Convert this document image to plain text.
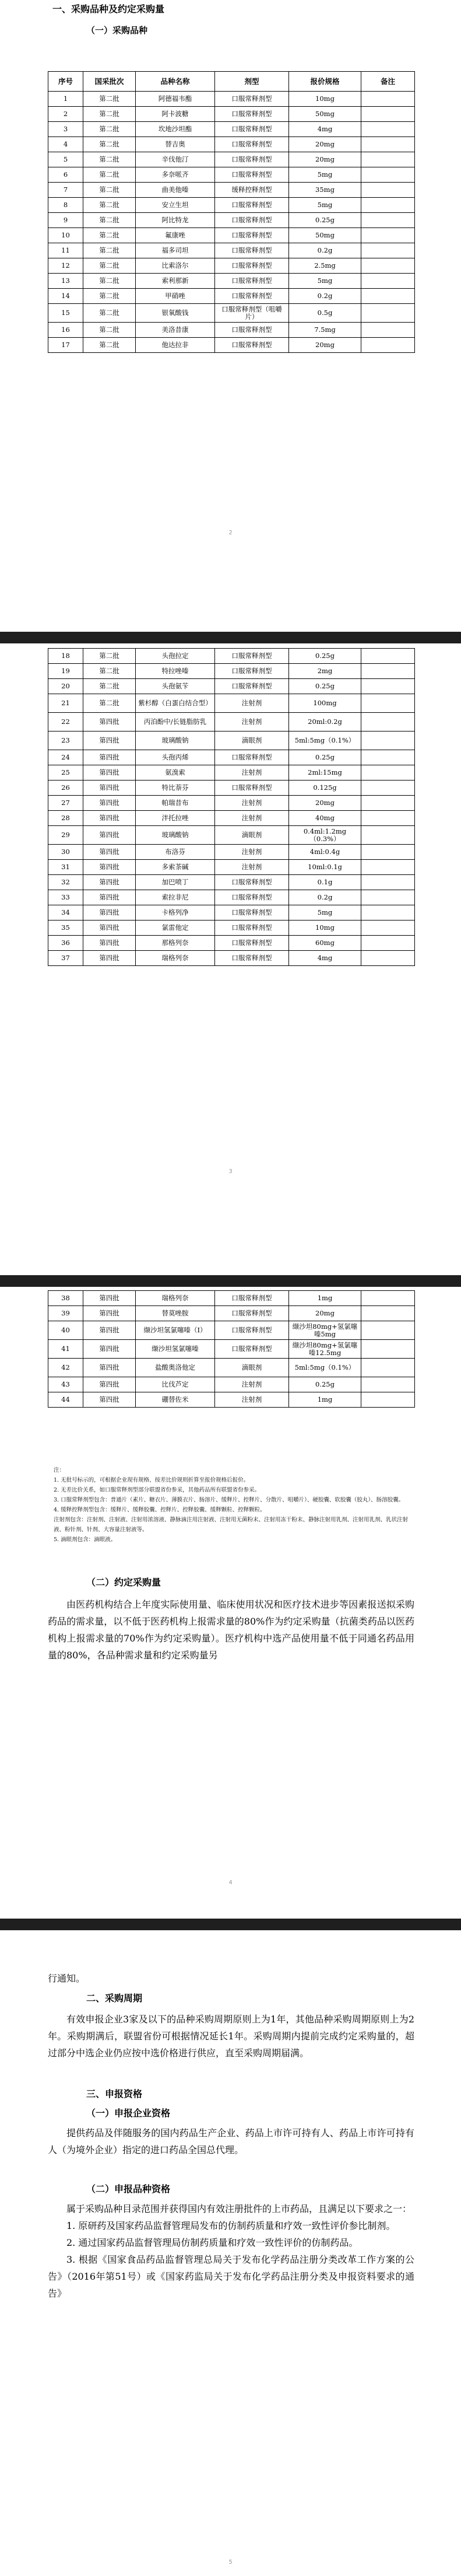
一、采购品种及约定采购量
（一）采购品种
序号	国采批次	品种名称	剂型	报价规格	备注
1	第二批	阿德福韦酯	口服常释剂型	10mg	
2	第二批	阿卡波糖	口服常释剂型	50mg	
3	第二批	坎地沙坦酯	口服常释剂型	4mg	
4	第二批	替吉奥	口服常释剂型	20mg	
5	第二批	辛伐他汀	口服常释剂型	20mg	
6	第二批	多奈哌齐	口服常释剂型	5mg	
7	第二批	曲美他嗪	缓释控释剂型	35mg	
8	第二批	安立生坦	口服常释剂型	5mg	
9	第二批	阿比特龙	口服常释剂型	0.25g	
10	第二批	氟康唑	口服常释剂型	50mg	
11	第二批	福多司坦	口服常释剂型	0.2g	
12	第二批	比索洛尔	口服常释剂型	2.5mg	
13	第二批	索利那新	口服常释剂型	5mg	
14	第二批	甲硝唑	口服常释剂型	0.2g	
15	第二批	银氧酸钱	口服常释剂型（咀嚼片）	0.5g	
16	第二批	美洛昔康	口服常释剂型	7.5mg	
17	第二批	他达拉非	口服常释剂型	20mg	
2
18	第二批	头孢拉定	口服常释剂型	0.25g	
19	第二批	特拉唑嗪	口服常释剂型	2mg	
20	第二批	头孢氨苄	口服常释剂型	0.25g	
21	第二批	紫杉醇（白蛋白结合型）	注射剂	100mg	
22	第四批	丙泊酚中/长链脂肪乳	注射剂	20ml:0.2g	
23	第四批	玻璃酸钠	滴眼剂	5ml:5mg（0.1%）	
24	第四批	头孢丙烯	口服常释剂型	0.25g	
25	第四批	氨溴索	注射剂	2ml:15mg	
26	第四批	特比萘芬	口服常释剂型	0.125g	
27	第四批	帕瑞昔布	注射剂	20mg	
28	第四批	泮托拉唑	注射剂	40mg	
29	第四批	玻璃酸钠	滴眼剂	0.4ml:1.2mg（0.3%）	
30	第四批	布洛芬	注射剂	4ml:0.4g	
31	第四批	多索茶碱	注射剂	10ml:0.1g	
32	第四批	加巴喷丁	口服常释剂型	0.1g	
33	第四批	索拉非尼	口服常释剂型	0.2g	
34	第四批	卡格列净	口服常释剂型	5mg	
35	第四批	氯雷他定	口服常释剂型	10mg	
36	第四批	那格列奈	口服常释剂型	60mg	
37	第四批	瑞格列奈	口服常释剂型	4mg	
3
38	第四批	瑞格列奈	口服常释剂型	1mg	
39	第四批	替莫唑胺	口服常释剂型	20mg	
40	第四批	缬沙坦氢氯噻嗪（I）	口服常释剂型	缬沙坦80mg+氢氯噻嗪5mg	
41	第四批	缬沙坦氢氯噻嗪	口服常释剂型	缬沙坦80mg+氢氯噻嗪12.5mg	
42	第四批	盐酸奥洛他定	滴眼剂	5ml:5mg（0.1%）	
43	第四批	比伐芦定	注射剂	0.25g	
44	第四批	硼替佐米	注射剂	1mg	
注：
1. 无批号标示的，可根据企业现有规格、按差比价规则折算至报价规格后报价。
2. 无差比价关系，如口服常释剂型部分联盟省份参采，其他药品所有联盟省份参采。
3. 口服常释剂型包含：普通片（素片、糖衣片、薄膜衣片、肠溶片、缓释片、控释片、分散片、咀嚼片）、硬胶囊、软胶囊（胶丸）、肠溶胶囊。
4. 缓释控释剂型包含：缓释片、缓释胶囊、控释片、控释胶囊、缓释颗粒、控释颗粒。
注射剂包含：注射剂、注射液、注射用浓溶液、静脉滴注用注射液、注射用无菌粉末、注射用冻干粉末、静脉注射用乳剂、注射用乳剂、乳状注射液、粉针剂、针剂、大容量注射液等。
5. 滴眼剂包含：滴眼液。
（二）约定采购量

由医药机构结合上年度实际使用量、临床使用状况和医疗技术进步等因素报送拟采购药品的需求量，以不低于医药机构上报需求量的80%作为约定采购量（抗菌类药品以医药机构上报需求量的70%作为约定采购量）。医疗机构中选产品使用量不低于同通名药品用量的80%，各品种需求量和约定采购量另

4
行通知。
二、采购周期

有效申报企业3家及以下的品种采购周期原则上为1年，其他品种采购周期原则上为2年。采购期满后，联盟省份可根据情况延长1年。采购周期内提前完成约定采购量的，超过部分中选企业仍应按中选价格进行供应，直至采购周期届满。

三、申报资格
（一）申报企业资格

提供药品及伴随服务的国内药品生产企业、药品上市许可持有人、药品上市许可持有人（为境外企业）指定的进口药品全国总代理。

（二）申报品种资格

属于采购品种目录范围并获得国内有效注册批件的上市药品，且满足以下要求之一：

1. 原研药及国家药品监督管理局发布的仿制药质量和疗效一致性评价参比制剂。

2. 通过国家药品监督管理局仿制药质量和疗效一致性评价的仿制药品。

3. 根据《国家食品药品监督管理总局关于发布化学药品注册分类改革工作方案的公告》（2016年第51号）或《国家药监局关于发布化学药品注册分类及申报资料要求的通告》

5
